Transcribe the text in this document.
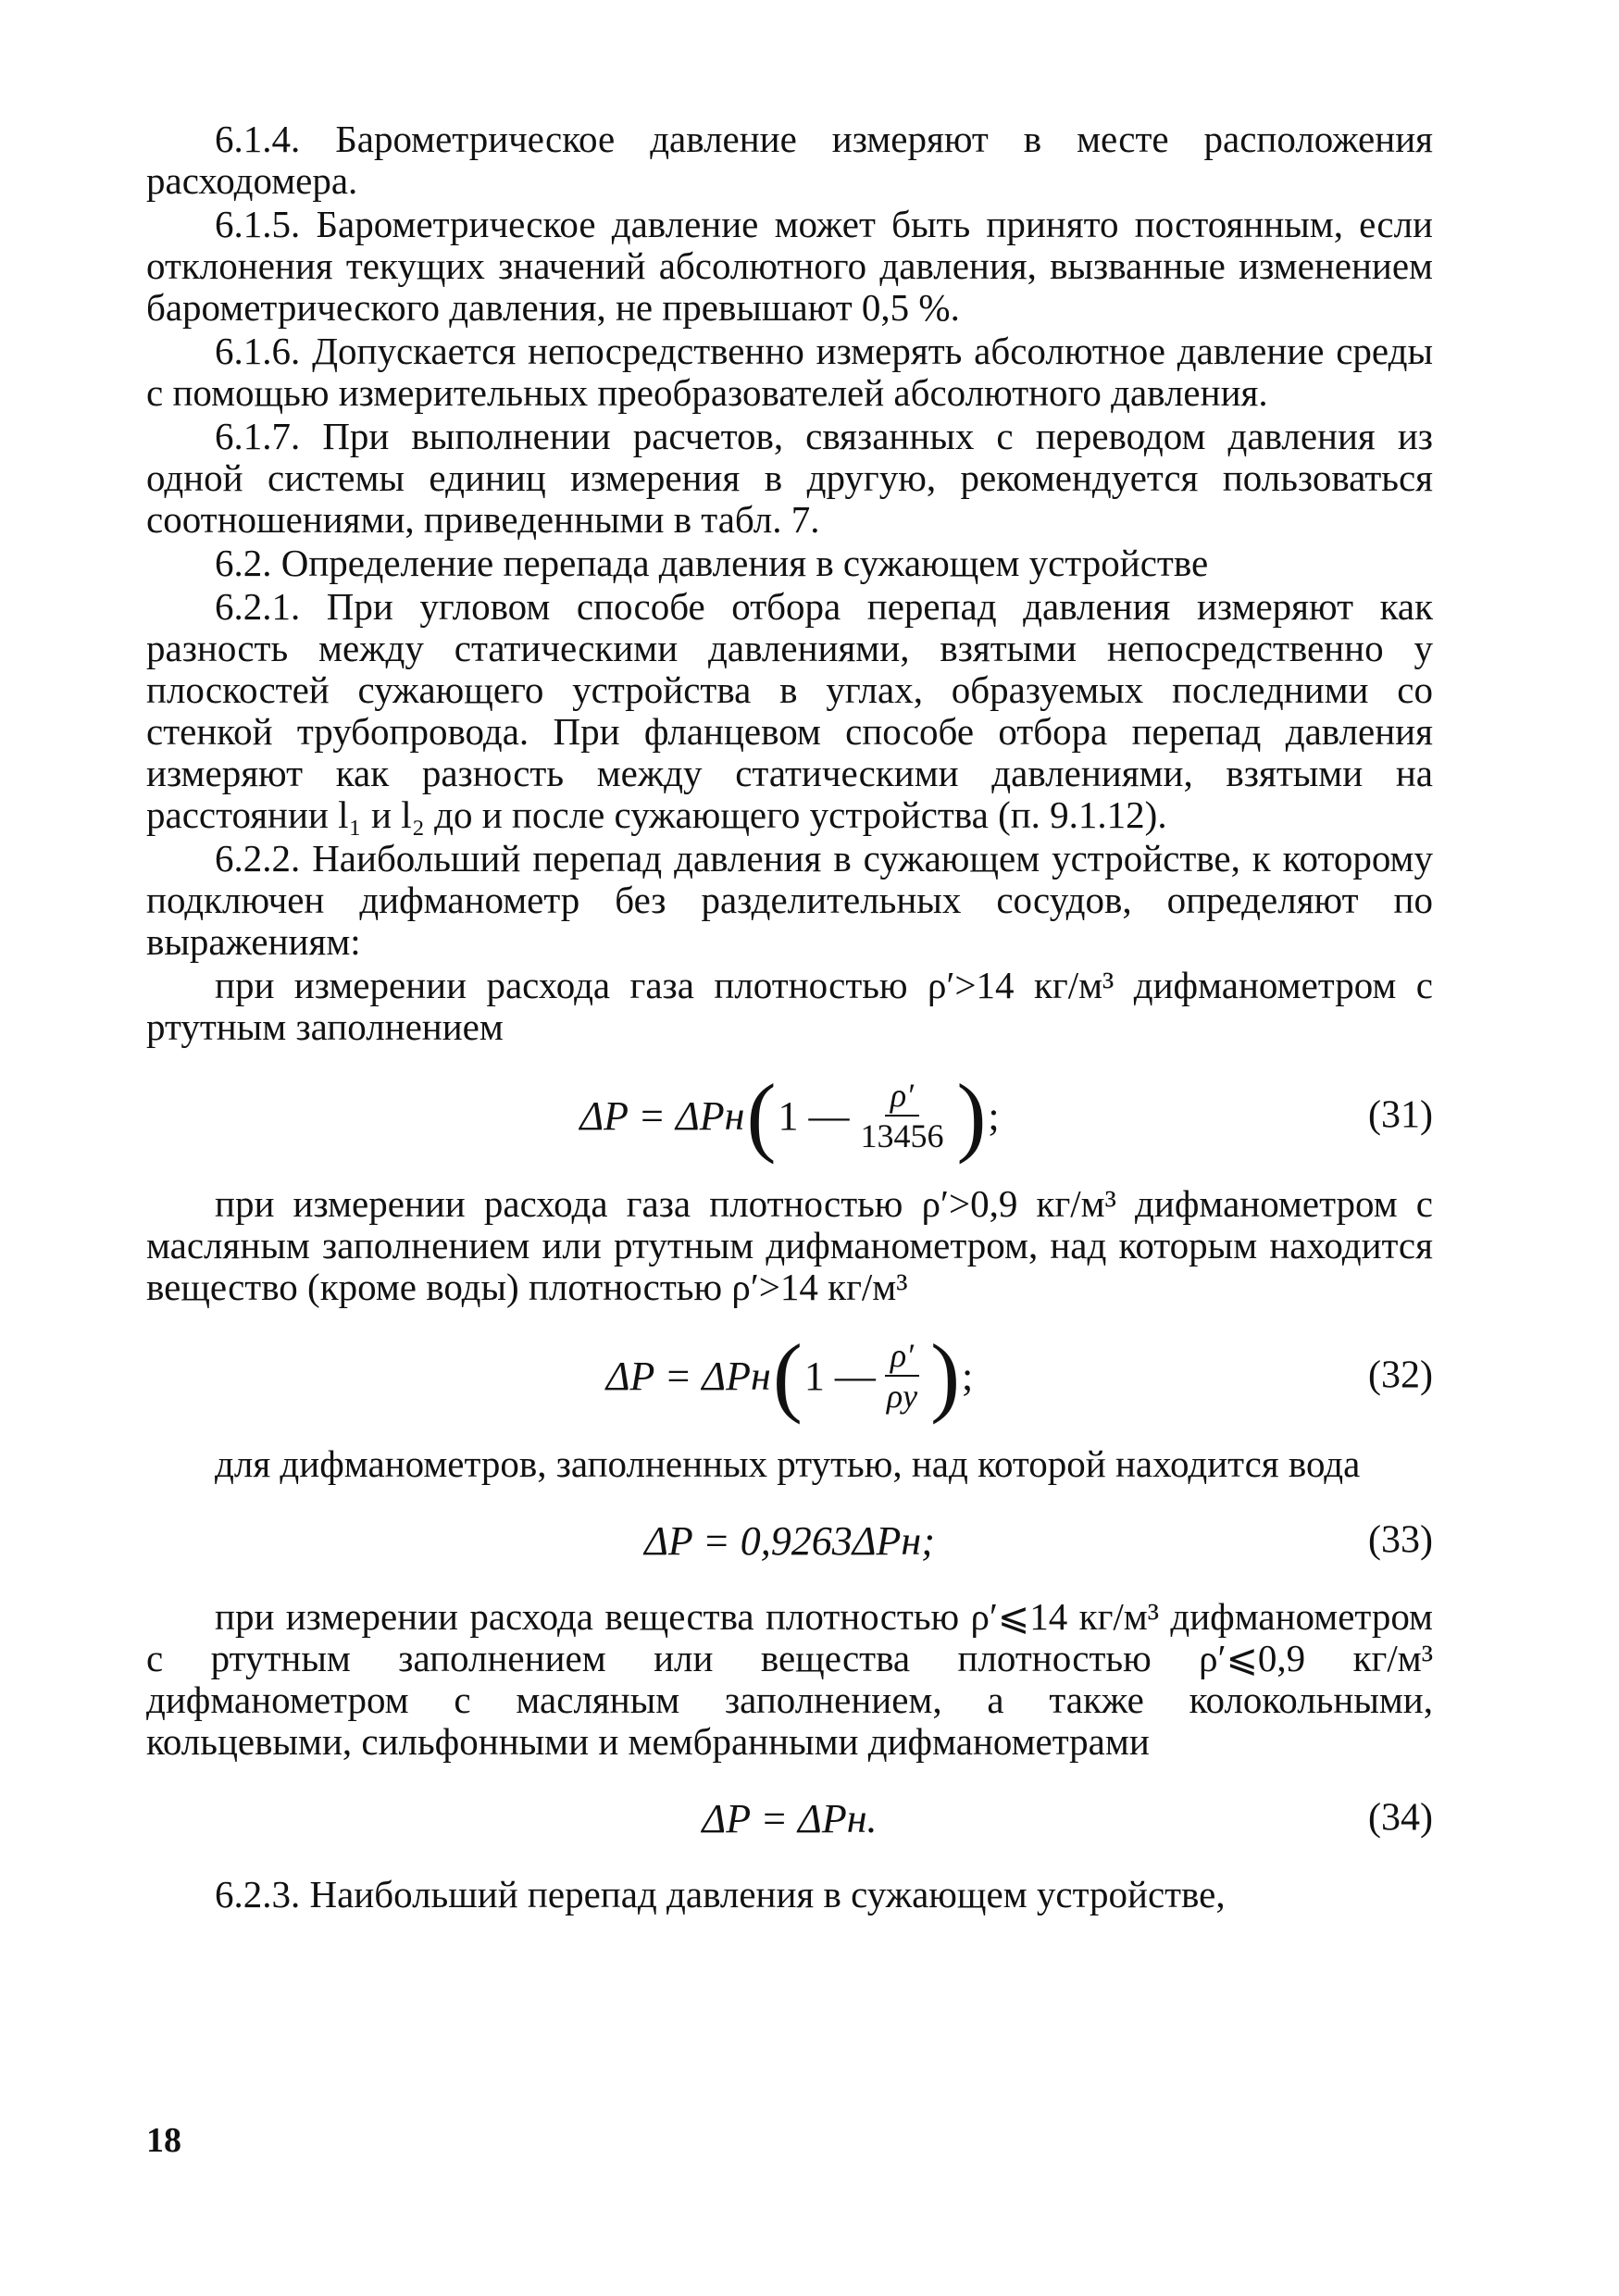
6.1.4. Барометрическое давление измеряют в месте расположения расходомера.

6.1.5. Барометрическое давление может быть принято постоянным, если отклонения текущих значений абсолютного давления, вызванные изменением барометрического давления, не превышают 0,5 %.

6.1.6. Допускается непосредственно измерять абсолютное давление среды с помощью измерительных преобразователей абсолютного давления.

6.1.7. При выполнении расчетов, связанных с переводом давления из одной системы единиц измерения в другую, рекомендуется пользоваться соотношениями, приведенными в табл. 7.

6.2. Определение перепада давления в сужающем устройстве

6.2.1. При угловом способе отбора перепад давления измеряют как разность между статическими давлениями, взятыми непосредственно у плоскостей сужающего устройства в углах, образуемых последними со стенкой трубопровода. При фланцевом способе отбора перепад давления измеряют как разность между статическими давлениями, взятыми на расстоянии l₁ и l₂ до и после сужающего устройства (п. 9.1.12).

6.2.2. Наибольший перепад давления в сужающем устройстве, к которому подключен дифманометр без разделительных сосудов, определяют по выражениям:

при измерении расхода газа плотностью ρ′>14 кг/м³ дифманометром с ртутным заполнением

ΔP = ΔPн ( 1 — $\frac{\rho'}{13456}$ ) ;	(31)

при измерении расхода газа плотностью ρ′>0,9 кг/м³ дифманометром с масляным заполнением или ртутным дифманометром, над которым находится вещество (кроме воды) плотностью ρ′>14 кг/м³

ΔP = ΔPн ( 1 — $\frac{\rho'}{\rho у}$ ) ;	(32)

для дифманометров, заполненных ртутью, над которой находится вода

ΔP = 0,9263ΔPн;	(33)

при измерении расхода вещества плотностью ρ′⩽14 кг/м³ дифманометром с ртутным заполнением или вещества плотностью ρ′⩽0,9 кг/м³ дифманометром с масляным заполнением, а также колокольными, кольцевыми, сильфонными и мембранными дифманометрами

ΔP = ΔPн.	(34)

6.2.3. Наибольший перепад давления в сужающем устройстве,

18
